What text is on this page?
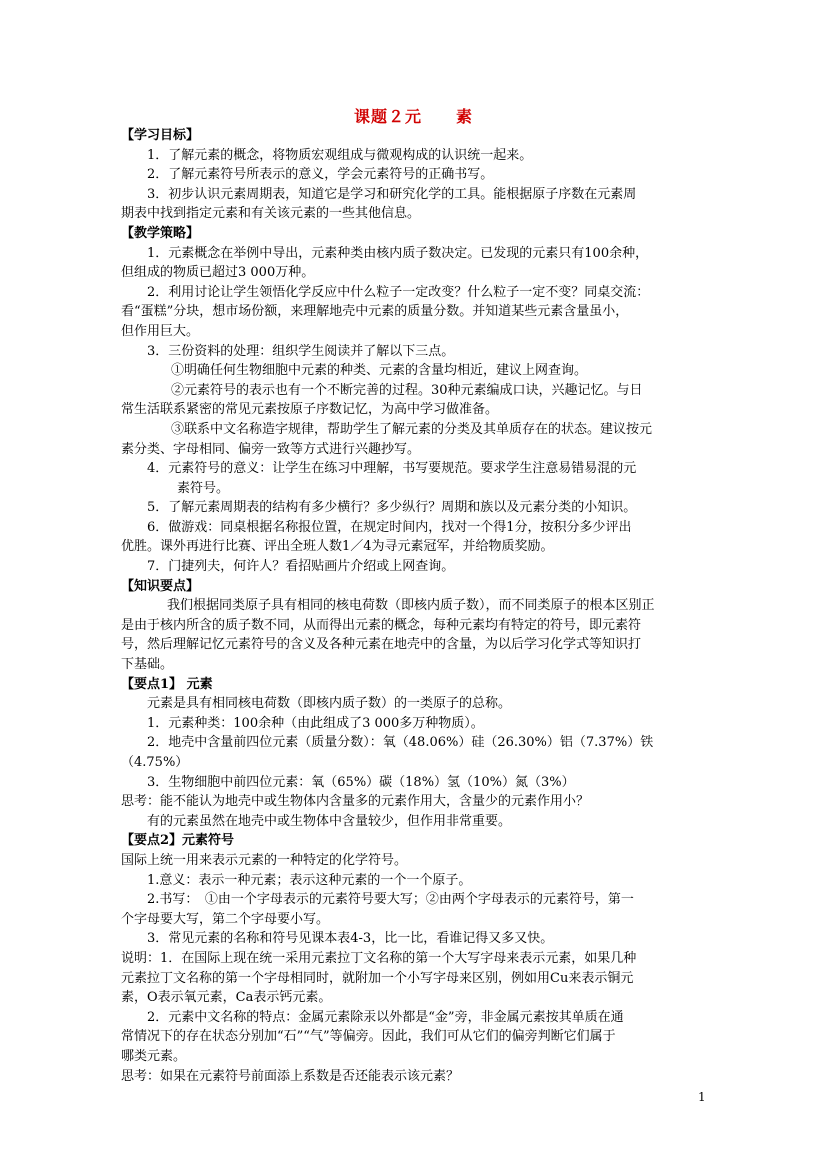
课题２元　　素
【学习目标】
1．了解元素的概念，将物质宏观组成与微观构成的认识统一起来。
2．了解元素符号所表示的意义，学会元素符号的正确书写。
3．初步认识元素周期表，知道它是学习和研究化学的工具。能根据原子序数在元素周
期表中找到指定元素和有关该元素的一些其他信息。
【教学策略】
1．元素概念在举例中导出，元素种类由核内质子数决定。已发现的元素只有100余种，
但组成的物质已超过3 000万种。
2．利用讨论让学生领悟化学反应中什么粒子一定改变？什么粒子一定不变？同桌交流：
看“蛋糕”分块，想市场份额，来理解地壳中元素的质量分数。并知道某些元素含量虽小，
但作用巨大。
3．三份资料的处理：组织学生阅读并了解以下三点。
①明确任何生物细胞中元素的种类、元素的含量均相近，建议上网查询。
②元素符号的表示也有一个不断完善的过程。30种元素编成口诀，兴趣记忆。与日
常生活联系紧密的常见元素按原子序数记忆，为高中学习做准备。
③联系中文名称造字规律，帮助学生了解元素的分类及其单质存在的状态。建议按元
素分类、字母相同、偏旁一致等方式进行兴趣抄写。
4．元素符号的意义：让学生在练习中理解，书写要规范。要求学生注意易错易混的元
素符号。
5．了解元素周期表的结构有多少横行？多少纵行？周期和族以及元素分类的小知识。
6．做游戏：同桌根据名称报位置，在规定时间内，找对一个得1分，按积分多少评出
优胜。课外再进行比赛、评出全班人数1／4为寻元素冠军，并给物质奖励。
7．门捷列夫，何许人？看招贴画片介绍或上网查询。
【知识要点】
我们根据同类原子具有相同的核电荷数（即核内质子数），而不同类原子的根本区别正
是由于核内所含的质子数不同，从而得出元素的概念，每种元素均有特定的符号，即元素符
号，然后理解记忆元素符号的含义及各种元素在地壳中的含量，为以后学习化学式等知识打
下基础。
【要点1】 元素
元素是具有相同核电荷数（即核内质子数）的一类原子的总称。
1．元素种类：100余种（由此组成了3 000多万种物质）。
2．地壳中含量前四位元素（质量分数）：氧（48.06%）硅（26.30%）铝（7.37%）铁
（4.75%）
3．生物细胞中前四位元素：氧（65%）碳（18%）氢（10%）氮（3%）
思考：能不能认为地壳中或生物体内含量多的元素作用大，含量少的元素作用小？
有的元素虽然在地壳中或生物体中含量较少，但作用非常重要。
【要点2】元素符号
国际上统一用来表示元素的一种特定的化学符号。
1.意义：表示一种元素；表示这种元素的一个一个原子。
2.书写：　①由一个字母表示的元素符号要大写；②由两个字母表示的元素符号，第一
个字母要大写，第二个字母要小写。
3．常见元素的名称和符号见课本表4-3，比一比，看谁记得又多又快。
说明：1．在国际上现在统一采用元素拉丁文名称的第一个大写字母来表示元素，如果几种
元素拉丁文名称的第一个字母相同时，就附加一个小写字母来区别，例如用Cu来表示铜元
素，O表示氧元素，Ca表示钙元素。
2．元素中文名称的特点：金属元素除汞以外都是“金”旁，非金属元素按其单质在通
常情况下的存在状态分别加“石”“气”等偏旁。因此，我们可从它们的偏旁判断它们属于
哪类元素。
思考：如果在元素符号前面添上系数是否还能表示该元素？
1
